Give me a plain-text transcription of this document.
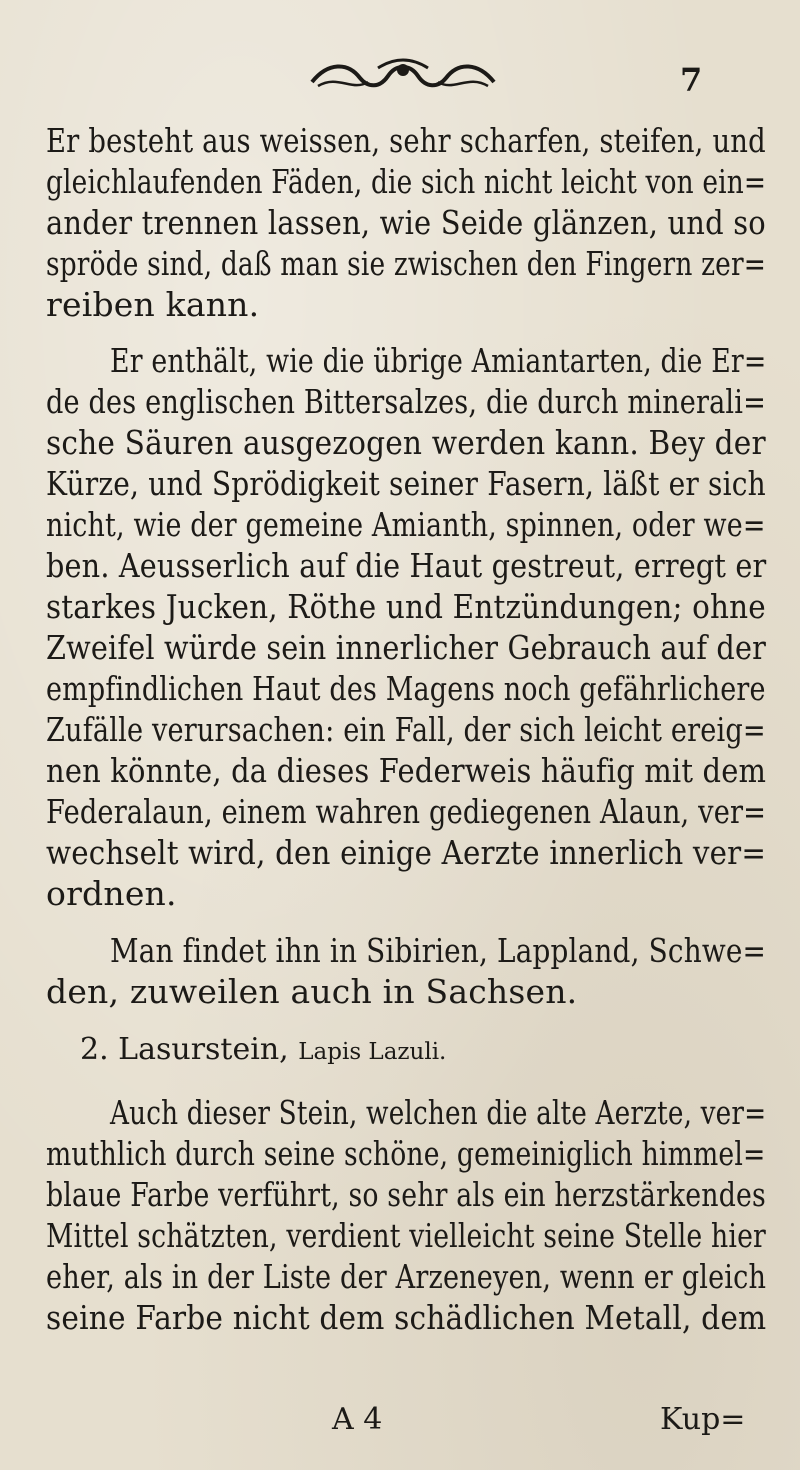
7
Er besteht aus weissen, sehr scharfen, steifen, und
gleichlaufenden Fäden, die sich nicht leicht von ein=
ander trennen lassen, wie Seide glänzen, und so
spröde sind, daß man sie zwischen den Fingern zer=
reiben kann.
Er enthält, wie die übrige Amiantarten, die Er=
de des englischen Bittersalzes, die durch minerali=
sche Säuren ausgezogen werden kann. Bey der
Kürze, und Sprödigkeit seiner Fasern, läßt er sich
nicht, wie der gemeine Amianth, spinnen, oder we=
ben. Aeusserlich auf die Haut gestreut, erregt er
starkes Jucken, Röthe und Entzündungen; ohne
Zweifel würde sein innerlicher Gebrauch auf der
empfindlichen Haut des Magens noch gefährlichere
Zufälle verursachen: ein Fall, der sich leicht ereig=
nen könnte, da dieses Federweis häufig mit dem
Federalaun, einem wahren gediegenen Alaun, ver=
wechselt wird, den einige Aerzte innerlich ver=
ordnen.
Man findet ihn in Sibirien, Lappland, Schwe=
den, zuweilen auch in Sachsen.
2. Lasurstein, Lapis Lazuli.
Auch dieser Stein, welchen die alte Aerzte, ver=
muthlich durch seine schöne, gemeiniglich himmel=
blaue Farbe verführt, so sehr als ein herzstärkendes
Mittel schätzten, verdient vielleicht seine Stelle hier
eher, als in der Liste der Arzeneyen, wenn er gleich
seine Farbe nicht dem schädlichen Metall, dem
A 4	Kup=
